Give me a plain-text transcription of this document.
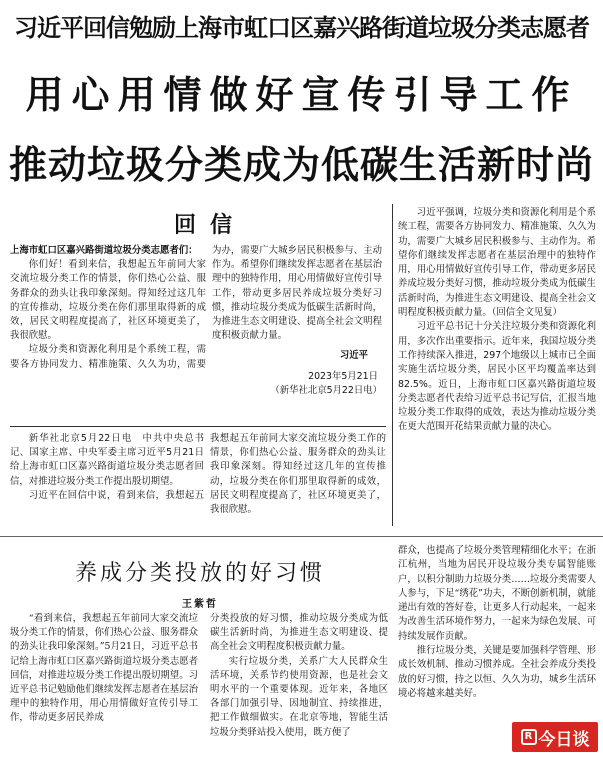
习近平回信勉励上海市虹口区嘉兴路街道垃圾分类志愿者
用心用情做好宣传引导工作
推动垃圾分类成为低碳生活新时尚
回信

上海市虹口区嘉兴路街道垃圾分类志愿者们：

你们好！看到来信，我想起五年前同大家交流垃圾分类工作的情景，你们热心公益、服务群众的劲头让我印象深刻。得知经过这几年的宣传推动，垃圾分类在你们那里取得新的成效，居民文明程度提高了，社区环境更美了，我很欣慰。

垃圾分类和资源化利用是个系统工程，需要各方协同发力、精准施策、久久为功，需要

为办，需要广大城乡居民积极参与、主动作为。希望你们继续发挥志愿者在基层治理中的独特作用，用心用情做好宣传引导工作，带动更多居民养成垃圾分类好习惯，推动垃圾分类成为低碳生活新时尚，为推进生态文明建设、提高全社会文明程度积极贡献力量。

习近平
2023年5月21日
（新华社北京5月22日电）

习近平强调，垃圾分类和资源化利用是个系统工程，需要各方协同发力、精准施策、久久为功，需要广大城乡居民积极参与、主动作为。希望你们继续发挥志愿者在基层治理中的独特作用，用心用情做好宣传引导工作，带动更多居民养成垃圾分类好习惯，推动垃圾分类成为低碳生活新时尚，为推进生态文明建设、提高全社会文明程度积极贡献力量。（回信全文见复）

习近平总书记十分关注垃圾分类和资源化利用，多次作出重要指示。近年来，我国垃圾分类工作持续深入推进，297个地级以上城市已全面实施生活垃圾分类，居民小区平均覆盖率达到82.5%。近日，上海市虹口区嘉兴路街道垃圾分类志愿者代表给习近平总书记写信，汇报当地垃圾分类工作取得的成效，表达为推动垃圾分类在更大范围开花结果贡献力量的决心。

新华社北京5月22日电　中共中央总书记、国家主席、中央军委主席习近平5月21日给上海市虹口区嘉兴路街道垃圾分类志愿者回信，对推进垃圾分类工作提出殷切期望。

习近平在回信中说，看到来信，我想起五

我想起五年前同大家交流垃圾分类工作的情景，你们热心公益、服务群众的劲头让我印象深刻。得知经过这几年的宣传推动，垃圾分类在你们那里取得新的成效，居民文明程度提高了，社区环境更美了，我很欣慰。

养成分类投放的好习惯
王紫哲

“看到来信，我想起五年前同大家交流垃圾分类工作的情景，你们热心公益、服务群众的劲头让我印象深刻。”5月21日，习近平总书记给上海市虹口区嘉兴路街道垃圾分类志愿者回信，对推进垃圾分类工作提出殷切期望。习近平总书记勉励他们继续发挥志愿者在基层治理中的独特作用，用心用情做好宣传引导工作，带动更多居民养成

分类投放的好习惯，推动垃圾分类成为低碳生活新时尚，为推进生态文明建设、提高全社会文明程度积极贡献力量。

实行垃圾分类，关系广大人民群众生活环境，关系节约使用资源，也是社会文明水平的一个重要体现。近年来，各地区各部门加强引导、因地制宜、持续推进，把工作做细做实。在北京等地，智能生活垃圾分类驿站投入使用，既方便了

群众，也提高了垃圾分类管理精细化水平；在浙江杭州，当地为居民开设垃圾分类专属智能账户，以积分制助力垃圾分类……垃圾分类需要人人参与，下足“绣花”功夫，不断创新机制，就能递出有效的答好卷，让更多人行动起来，一起来为改善生活环境作努力，一起来为绿色发展、可持续发展作贡献。

推行垃圾分类，关键是要加强科学管理、形成长效机制、推动习惯养成。全社会养成分类投放的好习惯，持之以恒、久久为功，城乡生活环境必将越来越美好。

R 今日谈
